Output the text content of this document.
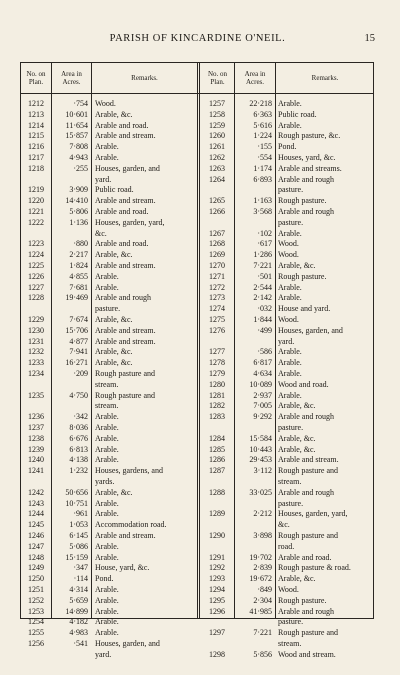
PARISH OF KINCARDINE O'NEIL.	15
No. on Plan.
Area in Acres.	Remarks.	No. on Plan.
Area in Acres.	Remarks.
1212	·754 Wood.
1213	10·601 Arable, &c.
1214	11·654 Arable and road.
1215	15·857 Arable and stream.
1216	7·808 Arable.
1217	4·943 Arable.
1218	·255 Houses, garden, and
yard.
1219	3·909 Public road.
1220	14·410 Arable and stream.
1221	5·806 Arable and road.
1222	1·136 Houses, garden, yard,
&c.
1223	·880 Arable and road.
1224	2·217 Arable, &c.
1225	1·824 Arable and stream.
1226	4·855 Arable.
1227	7·681 Arable.
1228	19·469 Arable and rough
pasture.
1229	7·674 Arable, &c.
1230	15·706 Arable and stream.
1231	4·877 Arable and stream.
1232	7·941 Arable, &c.
1233	16·271 Arable, &c.
1234	·209 Rough pasture and
stream.
1235	4·750 Rough pasture and
stream.
1236	·342 Arable.
1237	8·036 Arable.
1238	6·676 Arable.
1239	6·813 Arable.
1240	4·138 Arable.
1241	1·232 Houses, gardens, and
yards.
1242	50·656 Arable, &c.
1243	10·751 Arable.
1244	·961 Arable.
1245	1·053 Accommodation road.
1246	6·145 Arable and stream.
1247	5·086 Arable.
1248	15·159 Arable.
1249	·347 House, yard, &c.
1250	·114 Pond.
1251	4·314 Arable.
1252	5·659 Arable.
1253	14·899 Arable.
1254	4·182 Arable.
1255	4·983 Arable.
1256	·541 Houses, garden, and
yard.
1257	22·218 Arable.
1258	6·363 Public road.
1259	5·616 Arable.
1260	1·224 Rough pasture, &c.
1261	·155 Pond.
1262	·554 Houses, yard, &c.
1263	1·174 Arable and streams.
1264	6·893 Arable and rough
pasture.
1265	1·163 Rough pasture.
1266	3·568 Arable and rough
pasture.
1267	·102 Arable.
1268	·617 Wood.
1269	1·286 Wood.
1270	7·221 Arable, &c.
1271	·501 Rough pasture.
1272	2·544 Arable.
1273	2·142 Arable.
1274	·032 House and yard.
1275	1·844 Wood.
1276	·499 Houses, garden, and
yard.
1277	·586 Arable.
1278	6·817 Arable.
1279	4·634 Arable.
1280	10·089 Wood and road.
1281	2·937 Arable.
1282	7·005 Arable, &c.
1283	9·292 Arable and rough
pasture.
1284	15·584 Arable, &c.
1285	10·443 Arable, &c.
1286	29·453 Arable and stream.
1287	3·112 Rough pasture and
stream.
1288	33·025 Arable and rough
pasture.
1289	2·212 Houses, garden, yard,
&c.
1290	3·898 Rough pasture and
road.
1291	19·702 Arable and road.
1292	2·839 Rough pasture & road.
1293	19·672 Arable, &c.
1294	·849 Wood.
1295	2·304 Rough pasture.
1296	41·985 Arable and rough
pasture.
1297	7·221 Rough pasture and
stream.
1298	5·856 Wood and stream.
